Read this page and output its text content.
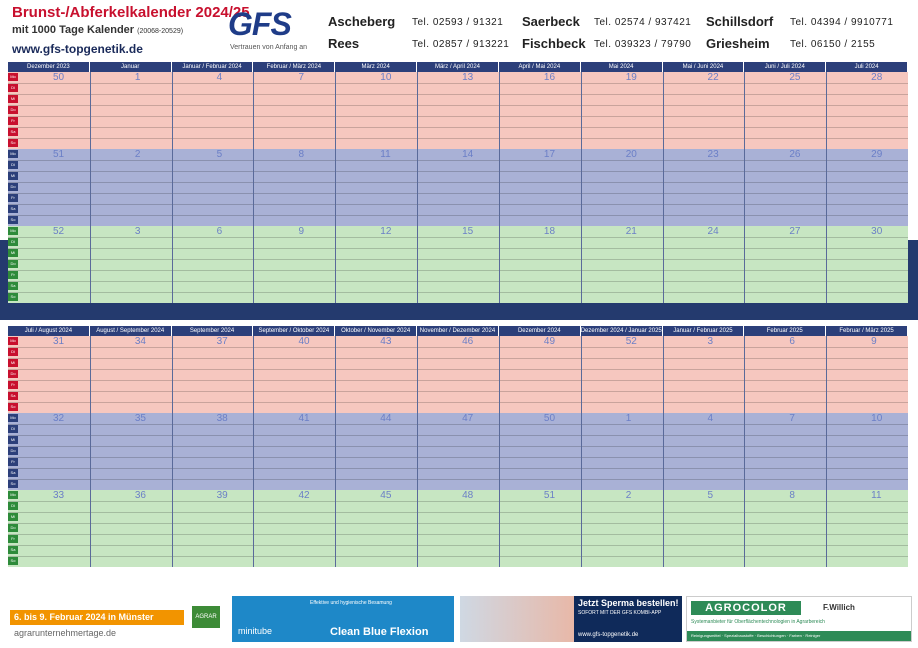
Brunst-/Abferkelkalender 2024/25
mit 1000 Tage Kalender (20068-20529)
www.gfs-topgenetik.de
GFS
Vertrauen von Anfang an
Ascheberg Tel. 02593 / 91321 Saerbeck Tel. 02574 / 937421 Schillsdorf Tel. 04394 / 9910771
Rees	Tel. 02857 / 913221 Fischbeck Tel. 039323 / 79790 Griesheim Tel. 06150 / 2155
Dezember 2023	Januar	Januar / Februar 2024	Februar / März 2024	März 2024	März / April 2024	April / Mai 2024	Mai 2024	Mai / Juni 2024	Juni / Juli 2024	Juli 2024
Mo
Di
Mi
Do
Fr
Sa
So
50	1	4	7	10	13	16	19	22	25	28
Mo
Di
Mi
Do
Fr
Sa
So
51	2	5	8	11	14	17	20	23	26	29
Mo
Di
Mi
Do
Fr
Sa
So
52	3	6	9	12	15	18	21	24	27	30
Juli / August 2024	August / September 2024	September 2024	September / Oktober 2024	Oktober / November 2024	November / Dezember 2024	Dezember 2024	Dezember 2024 / Januar 2025	Januar / Februar 2025	Februar 2025	Februar / März 2025
Mo
Di
Mi
Do
Fr
Sa
So
31	34	37	40	43	46	49	52	3	6	9
Mo
Di
Mi
Do
Fr
Sa
So
32	35	38	41	44	47	50	1	4	7	10
Mo
Di
Mi
Do
Fr
Sa
So
33	36	39	42	45	48	51	2	5	8	11
6. bis 9. Februar 2024 in Münster
agrarunternehmertage.de
AGRAR
Effektive und hygienische Besamung
minitube	Clean Blue Flexion
Jetzt Sperma bestellen!
SOFORT MIT DER GFS KOMBI-APP
www.gfs-topgenetik.de
AGROCOLOR	F.Willich
Systemanbieter für Oberflächentechnologien in Agrarbereich
Reinigungsmittel · Spezialbaustoffe · Beschichtungen · Farben · Reiniger
